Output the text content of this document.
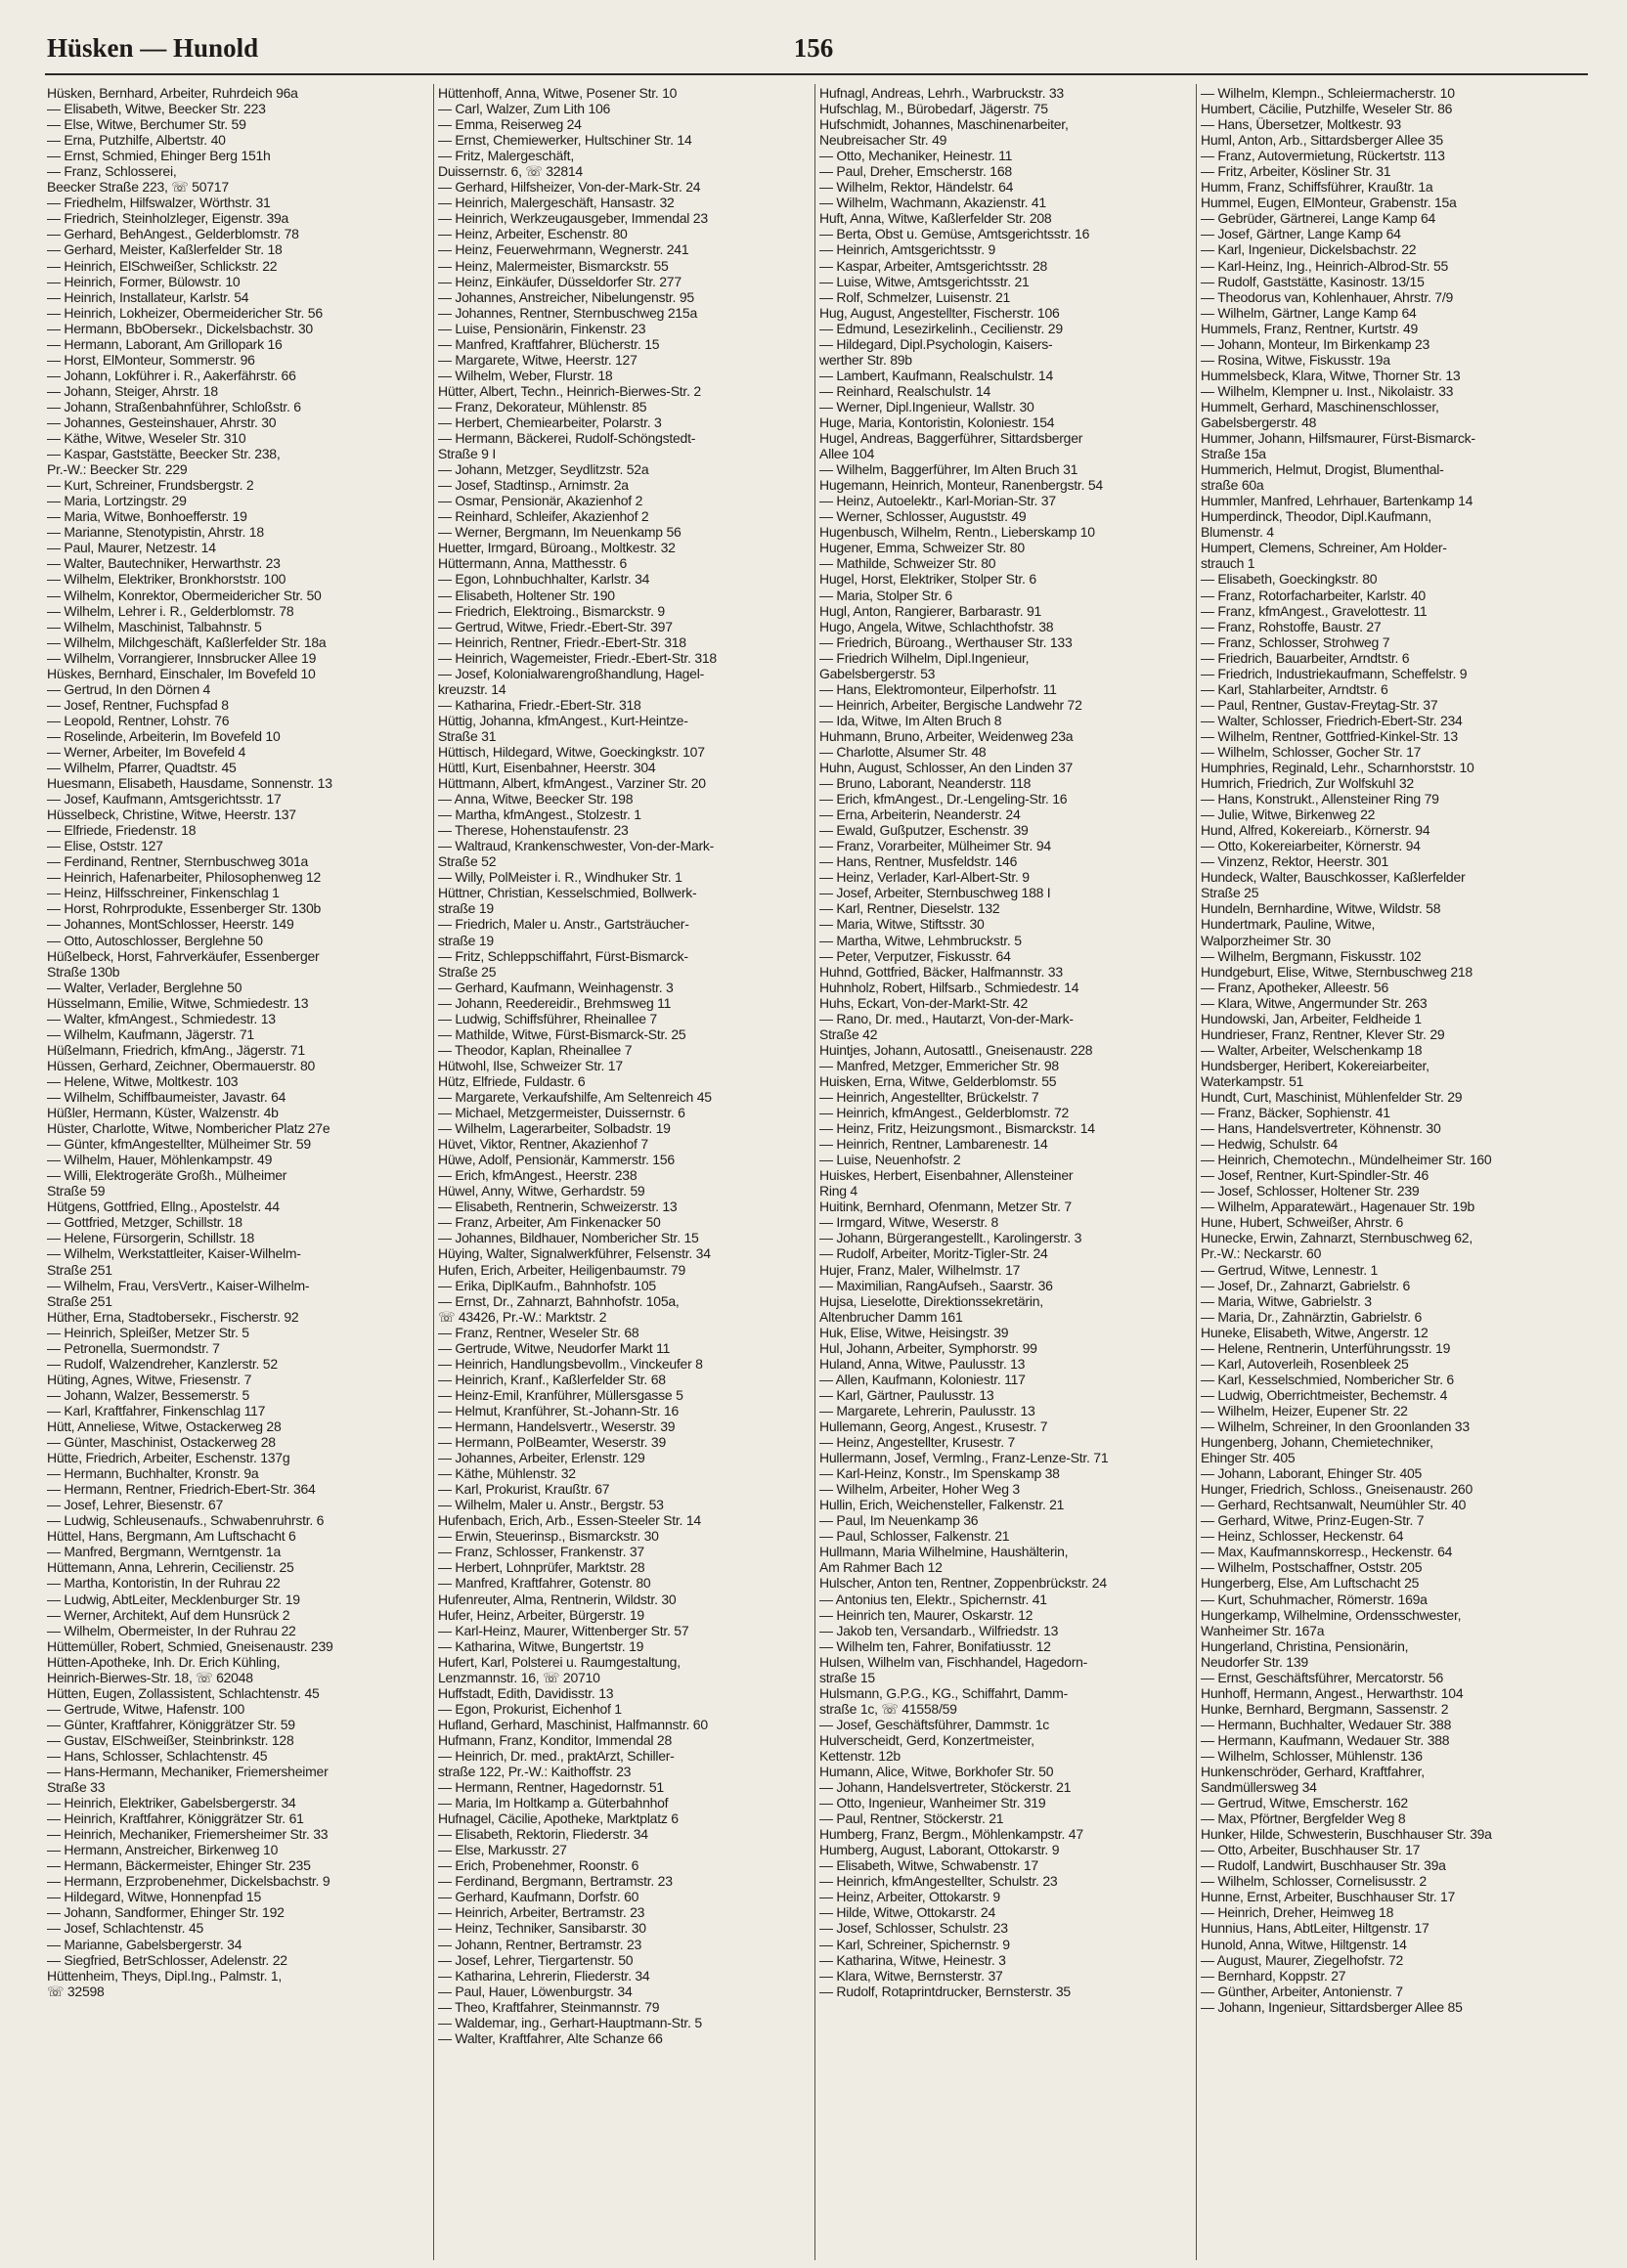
Hüsken — Hunold	156
Hüsken, Bernhard, Arbeiter, Ruhrdeich 96a
— Elisabeth, Witwe, Beecker Str. 223
— Else, Witwe, Berchumer Str. 59
— Erna, Putzhilfe, Albertstr. 40
— Ernst, Schmied, Ehinger Berg 151h
— Franz, Schlosserei,
Beecker Straße 223, ☏ 50717
— Friedhelm, Hilfswalzer, Wörthstr. 31
— Friedrich, Steinholzleger, Eigenstr. 39a
— Gerhard, BehAngest., Gelderblomstr. 78
— Gerhard, Meister, Kaßlerfelder Str. 18
— Heinrich, ElSchweißer, Schlickstr. 22
— Heinrich, Former, Bülowstr. 10
— Heinrich, Installateur, Karlstr. 54
— Heinrich, Lokheizer, Obermeidericher Str. 56
— Hermann, BbObersekr., Dickelsbachstr. 30
— Hermann, Laborant, Am Grillopark 16
— Horst, ElMonteur, Sommerstr. 96
— Johann, Lokführer i. R., Aakerfährstr. 66
— Johann, Steiger, Ahrstr. 18
— Johann, Straßenbahnführer, Schloßstr. 6
— Johannes, Gesteinshauer, Ahrstr. 30
— Käthe, Witwe, Weseler Str. 310
— Kaspar, Gaststätte, Beecker Str. 238,
Pr.-W.: Beecker Str. 229
— Kurt, Schreiner, Frundsbergstr. 2
— Maria, Lortzingstr. 29
— Maria, Witwe, Bonhoefferstr. 19
— Marianne, Stenotypistin, Ahrstr. 18
— Paul, Maurer, Netzestr. 14
— Walter, Bautechniker, Herwarthstr. 23
— Wilhelm, Elektriker, Bronkhorststr. 100
— Wilhelm, Konrektor, Obermeidericher Str. 50
— Wilhelm, Lehrer i. R., Gelderblomstr. 78
— Wilhelm, Maschinist, Talbahnstr. 5
— Wilhelm, Milchgeschäft, Kaßlerfelder Str. 18a
— Wilhelm, Vorrangierer, Innsbrucker Allee 19
Hüskes, Bernhard, Einschaler, Im Bovefeld 10
— Gertrud, In den Dörnen 4
— Josef, Rentner, Fuchspfad 8
— Leopold, Rentner, Lohstr. 76
— Roselinde, Arbeiterin, Im Bovefeld 10
— Werner, Arbeiter, Im Bovefeld 4
— Wilhelm, Pfarrer, Quadtstr. 45
Huesmann, Elisabeth, Hausdame, Sonnenstr. 13
— Josef, Kaufmann, Amtsgerichtsstr. 17
Hüsselbeck, Christine, Witwe, Heerstr. 137
— Elfriede, Friedenstr. 18
— Elise, Oststr. 127
— Ferdinand, Rentner, Sternbuschweg 301a
— Heinrich, Hafenarbeiter, Philosophenweg 12
— Heinz, Hilfsschreiner, Finkenschlag 1
— Horst, Rohrprodukte, Essenberger Str. 130b
— Johannes, MontSchlosser, Heerstr. 149
— Otto, Autoschlosser, Berglehne 50
Hüßelbeck, Horst, Fahrverkäufer, Essenberger
Straße 130b
— Walter, Verlader, Berglehne 50
Hüsselmann, Emilie, Witwe, Schmiedestr. 13
— Walter, kfmAngest., Schmiedestr. 13
— Wilhelm, Kaufmann, Jägerstr. 71
Hüßelmann, Friedrich, kfmAng., Jägerstr. 71
Hüssen, Gerhard, Zeichner, Obermauerstr. 80
— Helene, Witwe, Moltkestr. 103
— Wilhelm, Schiffbaumeister, Javastr. 64
Hüßler, Hermann, Küster, Walzenstr. 4b
Hüster, Charlotte, Witwe, Nombericher Platz 27e
— Günter, kfmAngestellter, Mülheimer Str. 59
— Wilhelm, Hauer, Möhlenkampstr. 49
— Willi, Elektrogeräte Großh., Mülheimer
Straße 59
Hütgens, Gottfried, Ellng., Apostelstr. 44
— Gottfried, Metzger, Schillstr. 18
— Helene, Fürsorgerin, Schillstr. 18
— Wilhelm, Werkstattleiter, Kaiser-Wilhelm-
Straße 251
— Wilhelm, Frau, VersVertr., Kaiser-Wilhelm-
Straße 251
Hüther, Erna, Stadtobersekr., Fischerstr. 92
— Heinrich, Spleißer, Metzer Str. 5
— Petronella, Suermondstr. 7
— Rudolf, Walzendreher, Kanzlerstr. 52
Hüting, Agnes, Witwe, Friesenstr. 7
— Johann, Walzer, Bessemerstr. 5
— Karl, Kraftfahrer, Finkenschlag 117
Hütt, Anneliese, Witwe, Ostackerweg 28
— Günter, Maschinist, Ostackerweg 28
Hütte, Friedrich, Arbeiter, Eschenstr. 137g
— Hermann, Buchhalter, Kronstr. 9a
— Hermann, Rentner, Friedrich-Ebert-Str. 364
— Josef, Lehrer, Biesenstr. 67
— Ludwig, Schleusenaufs., Schwabenruhrstr. 6
Hüttel, Hans, Bergmann, Am Luftschacht 6
— Manfred, Bergmann, Werntgenstr. 1a
Hüttemann, Anna, Lehrerin, Cecilienstr. 25
— Martha, Kontoristin, In der Ruhrau 22
— Ludwig, AbtLeiter, Mecklenburger Str. 19
— Werner, Architekt, Auf dem Hunsrück 2
— Wilhelm, Obermeister, In der Ruhrau 22
Hüttemüller, Robert, Schmied, Gneisenaustr. 239
Hütten-Apotheke, Inh. Dr. Erich Kühling,
Heinrich-Bierwes-Str. 18, ☏ 62048
Hütten, Eugen, Zollassistent, Schlachtenstr. 45
— Gertrude, Witwe, Hafenstr. 100
— Günter, Kraftfahrer, Königgrätzer Str. 59
— Gustav, ElSchweißer, Steinbrinkstr. 128
— Hans, Schlosser, Schlachtenstr. 45
— Hans-Hermann, Mechaniker, Friemersheimer
Straße 33
— Heinrich, Elektriker, Gabelsbergerstr. 34
— Heinrich, Kraftfahrer, Königgrätzer Str. 61
— Heinrich, Mechaniker, Friemersheimer Str. 33
— Hermann, Anstreicher, Birkenweg 10
— Hermann, Bäckermeister, Ehinger Str. 235
— Hermann, Erzprobenehmer, Dickelsbachstr. 9
— Hildegard, Witwe, Honnenpfad 15
— Johann, Sandformer, Ehinger Str. 192
— Josef, Schlachtenstr. 45
— Marianne, Gabelsbergerstr. 34
— Siegfried, BetrSchlosser, Adelenstr. 22
Hüttenheim, Theys, Dipl.Ing., Palmstr. 1,
☏ 32598
Hüttenhoff, Anna, Witwe, Posener Str. 10
— Carl, Walzer, Zum Lith 106
— Emma, Reiserweg 24
— Ernst, Chemiewerker, Hultschiner Str. 14
— Fritz, Malergeschäft,
Duissernstr. 6, ☏ 32814
— Gerhard, Hilfsheizer, Von-der-Mark-Str. 24
— Heinrich, Malergeschäft, Hansastr. 32
— Heinrich, Werkzeugausgeber, Immendal 23
— Heinz, Arbeiter, Eschenstr. 80
— Heinz, Feuerwehrmann, Wegnerstr. 241
— Heinz, Malermeister, Bismarckstr. 55
— Heinz, Einkäufer, Düsseldorfer Str. 277
— Johannes, Anstreicher, Nibelungenstr. 95
— Johannes, Rentner, Sternbuschweg 215a
— Luise, Pensionärin, Finkenstr. 23
— Manfred, Kraftfahrer, Blücherstr. 15
— Margarete, Witwe, Heerstr. 127
— Wilhelm, Weber, Flurstr. 18
Hütter, Albert, Techn., Heinrich-Bierwes-Str. 2
— Franz, Dekorateur, Mühlenstr. 85
— Herbert, Chemiearbeiter, Polarstr. 3
— Hermann, Bäckerei, Rudolf-Schöngstedt-
Straße 9 I
— Johann, Metzger, Seydlitzstr. 52a
— Josef, Stadtinsp., Arnimstr. 2a
— Osmar, Pensionär, Akazienhof 2
— Reinhard, Schleifer, Akazienhof 2
— Werner, Bergmann, Im Neuenkamp 56
Huetter, Irmgard, Büroang., Moltkestr. 32
Hüttermann, Anna, Matthesstr. 6
— Egon, Lohnbuchhalter, Karlstr. 34
— Elisabeth, Holtener Str. 190
— Friedrich, Elektroing., Bismarckstr. 9
— Gertrud, Witwe, Friedr.-Ebert-Str. 397
— Heinrich, Rentner, Friedr.-Ebert-Str. 318
— Heinrich, Wagemeister, Friedr.-Ebert-Str. 318
— Josef, Kolonialwarengroßhandlung, Hagel-
kreuzstr. 14
— Katharina, Friedr.-Ebert-Str. 318
Hüttig, Johanna, kfmAngest., Kurt-Heintze-
Straße 31
Hüttisch, Hildegard, Witwe, Goeckingkstr. 107
Hüttl, Kurt, Eisenbahner, Heerstr. 304
Hüttmann, Albert, kfmAngest., Varziner Str. 20
— Anna, Witwe, Beecker Str. 198
— Martha, kfmAngest., Stolzestr. 1
— Therese, Hohenstaufenstr. 23
— Waltraud, Krankenschwester, Von-der-Mark-
Straße 52
— Willy, PolMeister i. R., Windhuker Str. 1
Hüttner, Christian, Kesselschmied, Bollwerk-
straße 19
— Friedrich, Maler u. Anstr., Gartsträucher-
straße 19
— Fritz, Schleppschiffahrt, Fürst-Bismarck-
Straße 25
— Gerhard, Kaufmann, Weinhagenstr. 3
— Johann, Reedereidir., Brehmsweg 11
— Ludwig, Schiffsführer, Rheinallee 7
— Mathilde, Witwe, Fürst-Bismarck-Str. 25
— Theodor, Kaplan, Rheinallee 7
Hütwohl, Ilse, Schweizer Str. 17
Hütz, Elfriede, Fuldastr. 6
— Margarete, Verkaufshilfe, Am Seltenreich 45
— Michael, Metzgermeister, Duissernstr. 6
— Wilhelm, Lagerarbeiter, Solbadstr. 19
Hüvet, Viktor, Rentner, Akazienhof 7
Hüwe, Adolf, Pensionär, Kammerstr. 156
— Erich, kfmAngest., Heerstr. 238
Hüwel, Anny, Witwe, Gerhardstr. 59
— Elisabeth, Rentnerin, Schweizerstr. 13
— Franz, Arbeiter, Am Finkenacker 50
— Johannes, Bildhauer, Nombericher Str. 15
Hüying, Walter, Signalwerkführer, Felsenstr. 34
Hufen, Erich, Arbeiter, Heiligenbaumstr. 79
— Erika, DiplKaufm., Bahnhofstr. 105
— Ernst, Dr., Zahnarzt, Bahnhofstr. 105a,
☏ 43426, Pr.-W.: Marktstr. 2
— Franz, Rentner, Weseler Str. 68
— Gertrude, Witwe, Neudorfer Markt 11
— Heinrich, Handlungsbevollm., Vinckeufer 8
— Heinrich, Kranf., Kaßlerfelder Str. 68
— Heinz-Emil, Kranführer, Müllersgasse 5
— Helmut, Kranführer, St.-Johann-Str. 16
— Hermann, Handelsvertr., Weserstr. 39
— Hermann, PolBeamter, Weserstr. 39
— Johannes, Arbeiter, Erlenstr. 129
— Käthe, Mühlenstr. 32
— Karl, Prokurist, Kraußtr. 67
— Wilhelm, Maler u. Anstr., Bergstr. 53
Hufenbach, Erich, Arb., Essen-Steeler Str. 14
— Erwin, Steuerinsp., Bismarckstr. 30
— Franz, Schlosser, Frankenstr. 37
— Herbert, Lohnprüfer, Marktstr. 28
— Manfred, Kraftfahrer, Gotenstr. 80
Hufenreuter, Alma, Rentnerin, Wildstr. 30
Hufer, Heinz, Arbeiter, Bürgerstr. 19
— Karl-Heinz, Maurer, Wittenberger Str. 57
— Katharina, Witwe, Bungertstr. 19
Hufert, Karl, Polsterei u. Raumgestaltung,
Lenzmannstr. 16, ☏ 20710
Huffstadt, Edith, Davidisstr. 13
— Egon, Prokurist, Eichenhof 1
Hufland, Gerhard, Maschinist, Halfmannstr. 60
Hufmann, Franz, Konditor, Immendal 28
— Heinrich, Dr. med., praktArzt, Schiller-
straße 122, Pr.-W.: Kaithoffstr. 23
— Hermann, Rentner, Hagedornstr. 51
— Maria, Im Holtkamp a. Güterbahnhof
Hufnagel, Cäcilie, Apotheke, Marktplatz 6
— Elisabeth, Rektorin, Fliederstr. 34
— Else, Markusstr. 27
— Erich, Probenehmer, Roonstr. 6
— Ferdinand, Bergmann, Bertramstr. 23
— Gerhard, Kaufmann, Dorfstr. 60
— Heinrich, Arbeiter, Bertramstr. 23
— Heinz, Techniker, Sansibarstr. 30
— Johann, Rentner, Bertramstr. 23
— Josef, Lehrer, Tiergartenstr. 50
— Katharina, Lehrerin, Fliederstr. 34
— Paul, Hauer, Löwenburgstr. 34
— Theo, Kraftfahrer, Steinmannstr. 79
— Waldemar, ing., Gerhart-Hauptmann-Str. 5
— Walter, Kraftfahrer, Alte Schanze 66
Hufnagl, Andreas, Lehrh., Warbruckstr. 33
Hufschlag, M., Bürobedarf, Jägerstr. 75
Hufschmidt, Johannes, Maschinenarbeiter,
Neubreisacher Str. 49
— Otto, Mechaniker, Heinestr. 11
— Paul, Dreher, Emscherstr. 168
— Wilhelm, Rektor, Händelstr. 64
— Wilhelm, Wachmann, Akazienstr. 41
Huft, Anna, Witwe, Kaßlerfelder Str. 208
— Berta, Obst u. Gemüse, Amtsgerichtsstr. 16
— Heinrich, Amtsgerichtsstr. 9
— Kaspar, Arbeiter, Amtsgerichtsstr. 28
— Luise, Witwe, Amtsgerichtsstr. 21
— Rolf, Schmelzer, Luisenstr. 21
Hug, August, Angestellter, Fischerstr. 106
— Edmund, Lesezirkelinh., Cecilienstr. 29
— Hildegard, Dipl.Psychologin, Kaisers-
werther Str. 89b
— Lambert, Kaufmann, Realschulstr. 14
— Reinhard, Realschulstr. 14
— Werner, Dipl.Ingenieur, Wallstr. 30
Huge, Maria, Kontoristin, Koloniestr. 154
Hugel, Andreas, Baggerführer, Sittardsberger
Allee 104
— Wilhelm, Baggerführer, Im Alten Bruch 31
Hugemann, Heinrich, Monteur, Ranenbergstr. 54
— Heinz, Autoelektr., Karl-Morian-Str. 37
— Werner, Schlosser, Auguststr. 49
Hugenbusch, Wilhelm, Rentn., Lieberskamp 10
Hugener, Emma, Schweizer Str. 80
— Mathilde, Schweizer Str. 80
Hugel, Horst, Elektriker, Stolper Str. 6
— Maria, Stolper Str. 6
Hugl, Anton, Rangierer, Barbarastr. 91
Hugo, Angela, Witwe, Schlachthofstr. 38
— Friedrich, Büroang., Werthauser Str. 133
— Friedrich Wilhelm, Dipl.Ingenieur,
Gabelsbergerstr. 53
— Hans, Elektromonteur, Eilperhofstr. 11
— Heinrich, Arbeiter, Bergische Landwehr 72
— Ida, Witwe, Im Alten Bruch 8
Huhmann, Bruno, Arbeiter, Weidenweg 23a
— Charlotte, Alsumer Str. 48
Huhn, August, Schlosser, An den Linden 37
— Bruno, Laborant, Neanderstr. 118
— Erich, kfmAngest., Dr.-Lengeling-Str. 16
— Erna, Arbeiterin, Neanderstr. 24
— Ewald, Gußputzer, Eschenstr. 39
— Franz, Vorarbeiter, Mülheimer Str. 94
— Hans, Rentner, Musfeldstr. 146
— Heinz, Verlader, Karl-Albert-Str. 9
— Josef, Arbeiter, Sternbuschweg 188 I
— Karl, Rentner, Dieselstr. 132
— Maria, Witwe, Stiftsstr. 30
— Martha, Witwe, Lehmbruckstr. 5
— Peter, Verputzer, Fiskusstr. 64
Huhnd, Gottfried, Bäcker, Halfmannstr. 33
Huhnholz, Robert, Hilfsarb., Schmiedestr. 14
Huhs, Eckart, Von-der-Markt-Str. 42
— Rano, Dr. med., Hautarzt, Von-der-Mark-
Straße 42
Huintjes, Johann, Autosattl., Gneisenaustr. 228
— Manfred, Metzger, Emmericher Str. 98
Huisken, Erna, Witwe, Gelderblomstr. 55
— Heinrich, Angestellter, Brückelstr. 7
— Heinrich, kfmAngest., Gelderblomstr. 72
— Heinz, Fritz, Heizungsmont., Bismarckstr. 14
— Heinrich, Rentner, Lambarenestr. 14
— Luise, Neuenhofstr. 2
Huiskes, Herbert, Eisenbahner, Allensteiner
Ring 4
Huitink, Bernhard, Ofenmann, Metzer Str. 7
— Irmgard, Witwe, Weserstr. 8
— Johann, Bürgerangestellt., Karolingerstr. 3
— Rudolf, Arbeiter, Moritz-Tigler-Str. 24
Hujer, Franz, Maler, Wilhelmstr. 17
— Maximilian, RangAufseh., Saarstr. 36
Hujsa, Lieselotte, Direktionssekretärin,
Altenbrucher Damm 161
Huk, Elise, Witwe, Heisingstr. 39
Hul, Johann, Arbeiter, Symphorstr. 99
Huland, Anna, Witwe, Paulusstr. 13
— Allen, Kaufmann, Koloniestr. 117
— Karl, Gärtner, Paulusstr. 13
— Margarete, Lehrerin, Paulusstr. 13
Hullemann, Georg, Angest., Krusestr. 7
— Heinz, Angestellter, Krusestr. 7
Hullermann, Josef, Vermlng., Franz-Lenze-Str. 71
— Karl-Heinz, Konstr., Im Spenskamp 38
— Wilhelm, Arbeiter, Hoher Weg 3
Hullin, Erich, Weichensteller, Falkenstr. 21
— Paul, Im Neuenkamp 36
— Paul, Schlosser, Falkenstr. 21
Hullmann, Maria Wilhelmine, Haushälterin,
Am Rahmer Bach 12
Hulscher, Anton ten, Rentner, Zoppenbrückstr. 24
— Antonius ten, Elektr., Spichernstr. 41
— Heinrich ten, Maurer, Oskarstr. 12
— Jakob ten, Versandarb., Wilfriedstr. 13
— Wilhelm ten, Fahrer, Bonifatiusstr. 12
Hulsen, Wilhelm van, Fischhandel, Hagedorn-
straße 15
Hulsmann, G.P.G., KG., Schiffahrt, Damm-
straße 1c, ☏ 41558/59
— Josef, Geschäftsführer, Dammstr. 1c
Hulverscheidt, Gerd, Konzertmeister,
Kettenstr. 12b
Humann, Alice, Witwe, Borkhofer Str. 50
— Johann, Handelsvertreter, Stöckerstr. 21
— Otto, Ingenieur, Wanheimer Str. 319
— Paul, Rentner, Stöckerstr. 21
Humberg, Franz, Bergm., Möhlenkampstr. 47
Humberg, August, Laborant, Ottokarstr. 9
— Elisabeth, Witwe, Schwabenstr. 17
— Heinrich, kfmAngestellter, Schulstr. 23
— Heinz, Arbeiter, Ottokarstr. 9
— Hilde, Witwe, Ottokarstr. 24
— Josef, Schlosser, Schulstr. 23
— Karl, Schreiner, Spichernstr. 9
— Katharina, Witwe, Heinestr. 3
— Klara, Witwe, Bernsterstr. 37
— Rudolf, Rotaprintdrucker, Bernsterstr. 35
— Wilhelm, Klempn., Schleiermacherstr. 10
Humbert, Cäcilie, Putzhilfe, Weseler Str. 86
— Hans, Übersetzer, Moltkestr. 93
Huml, Anton, Arb., Sittardsberger Allee 35
— Franz, Autovermietung, Rückertstr. 113
— Fritz, Arbeiter, Kösliner Str. 31
Humm, Franz, Schiffsführer, Kraußtr. 1a
Hummel, Eugen, ElMonteur, Grabenstr. 15a
— Gebrüder, Gärtnerei, Lange Kamp 64
— Josef, Gärtner, Lange Kamp 64
— Karl, Ingenieur, Dickelsbachstr. 22
— Karl-Heinz, Ing., Heinrich-Albrod-Str. 55
— Rudolf, Gaststätte, Kasinostr. 13/15
— Theodorus van, Kohlenhauer, Ahrstr. 7/9
— Wilhelm, Gärtner, Lange Kamp 64
Hummels, Franz, Rentner, Kurtstr. 49
— Johann, Monteur, Im Birkenkamp 23
— Rosina, Witwe, Fiskusstr. 19a
Hummelsbeck, Klara, Witwe, Thorner Str. 13
— Wilhelm, Klempner u. Inst., Nikolaistr. 33
Hummelt, Gerhard, Maschinenschlosser,
Gabelsbergerstr. 48
Hummer, Johann, Hilfsmaurer, Fürst-Bismarck-
Straße 15a
Hummerich, Helmut, Drogist, Blumenthal-
straße 60a
Hummler, Manfred, Lehrhauer, Bartenkamp 14
Humperdinck, Theodor, Dipl.Kaufmann,
Blumenstr. 4
Humpert, Clemens, Schreiner, Am Holder-
strauch 1
— Elisabeth, Goeckingkstr. 80
— Franz, Rotorfacharbeiter, Karlstr. 40
— Franz, kfmAngest., Gravelottestr. 11
— Franz, Rohstoffe, Baustr. 27
— Franz, Schlosser, Strohweg 7
— Friedrich, Bauarbeiter, Arndtstr. 6
— Friedrich, Industriekaufmann, Scheffelstr. 9
— Karl, Stahlarbeiter, Arndtstr. 6
— Paul, Rentner, Gustav-Freytag-Str. 37
— Walter, Schlosser, Friedrich-Ebert-Str. 234
— Wilhelm, Rentner, Gottfried-Kinkel-Str. 13
— Wilhelm, Schlosser, Gocher Str. 17
Humphries, Reginald, Lehr., Scharnhorststr. 10
Humrich, Friedrich, Zur Wolfskuhl 32
— Hans, Konstrukt., Allensteiner Ring 79
— Julie, Witwe, Birkenweg 22
Hund, Alfred, Kokereiarb., Körnerstr. 94
— Otto, Kokereiarbeiter, Körnerstr. 94
— Vinzenz, Rektor, Heerstr. 301
Hundeck, Walter, Bauschkosser, Kaßlerfelder
Straße 25
Hundeln, Bernhardine, Witwe, Wildstr. 58
Hundertmark, Pauline, Witwe,
Walporzheimer Str. 30
— Wilhelm, Bergmann, Fiskusstr. 102
Hundgeburt, Elise, Witwe, Sternbuschweg 218
— Franz, Apotheker, Alleestr. 56
— Klara, Witwe, Angermunder Str. 263
Hundowski, Jan, Arbeiter, Feldheide 1
Hundrieser, Franz, Rentner, Klever Str. 29
— Walter, Arbeiter, Welschenkamp 18
Hundsberger, Heribert, Kokereiarbeiter,
Waterkampstr. 51
Hundt, Curt, Maschinist, Mühlenfelder Str. 29
— Franz, Bäcker, Sophienstr. 41
— Hans, Handelsvertreter, Köhnenstr. 30
— Hedwig, Schulstr. 64
— Heinrich, Chemotechn., Mündelheimer Str. 160
— Josef, Rentner, Kurt-Spindler-Str. 46
— Josef, Schlosser, Holtener Str. 239
— Wilhelm, Apparatewärt., Hagenauer Str. 19b
Hune, Hubert, Schweißer, Ahrstr. 6
Hunecke, Erwin, Zahnarzt, Sternbuschweg 62,
Pr.-W.: Neckarstr. 60
— Gertrud, Witwe, Lennestr. 1
— Josef, Dr., Zahnarzt, Gabrielstr. 6
— Maria, Witwe, Gabrielstr. 3
— Maria, Dr., Zahnärztin, Gabrielstr. 6
Huneke, Elisabeth, Witwe, Angerstr. 12
— Helene, Rentnerin, Unterführungsstr. 19
— Karl, Autoverleih, Rosenbleek 25
— Karl, Kesselschmied, Nombericher Str. 6
— Ludwig, Oberrichtmeister, Bechemstr. 4
— Wilhelm, Heizer, Eupener Str. 22
— Wilhelm, Schreiner, In den Groonlanden 33
Hungenberg, Johann, Chemietechniker,
Ehinger Str. 405
— Johann, Laborant, Ehinger Str. 405
Hunger, Friedrich, Schloss., Gneisenaustr. 260
— Gerhard, Rechtsanwalt, Neumühler Str. 40
— Gerhard, Witwe, Prinz-Eugen-Str. 7
— Heinz, Schlosser, Heckenstr. 64
— Max, Kaufmannskorresp., Heckenstr. 64
— Wilhelm, Postschaffner, Oststr. 205
Hungerberg, Else, Am Luftschacht 25
— Kurt, Schuhmacher, Römerstr. 169a
Hungerkamp, Wilhelmine, Ordensschwester,
Wanheimer Str. 167a
Hungerland, Christina, Pensionärin,
Neudorfer Str. 139
— Ernst, Geschäftsführer, Mercatorstr. 56
Hunhoff, Hermann, Angest., Herwarthstr. 104
Hunke, Bernhard, Bergmann, Sassenstr. 2
— Hermann, Buchhalter, Wedauer Str. 388
— Hermann, Kaufmann, Wedauer Str. 388
— Wilhelm, Schlosser, Mühlenstr. 136
Hunkenschröder, Gerhard, Kraftfahrer,
Sandmüllersweg 34
— Gertrud, Witwe, Emscherstr. 162
— Max, Pförtner, Bergfelder Weg 8
Hunker, Hilde, Schwesterin, Buschhauser Str. 39a
— Otto, Arbeiter, Buschhauser Str. 17
— Rudolf, Landwirt, Buschhauser Str. 39a
— Wilhelm, Schlosser, Cornelisusstr. 2
Hunne, Ernst, Arbeiter, Buschhauser Str. 17
— Heinrich, Dreher, Heimweg 18
Hunnius, Hans, AbtLeiter, Hiltgenstr. 17
Hunold, Anna, Witwe, Hiltgenstr. 14
— August, Maurer, Ziegelhofstr. 72
— Bernhard, Koppstr. 27
— Günther, Arbeiter, Antonienstr. 7
— Johann, Ingenieur, Sittardsberger Allee 85
